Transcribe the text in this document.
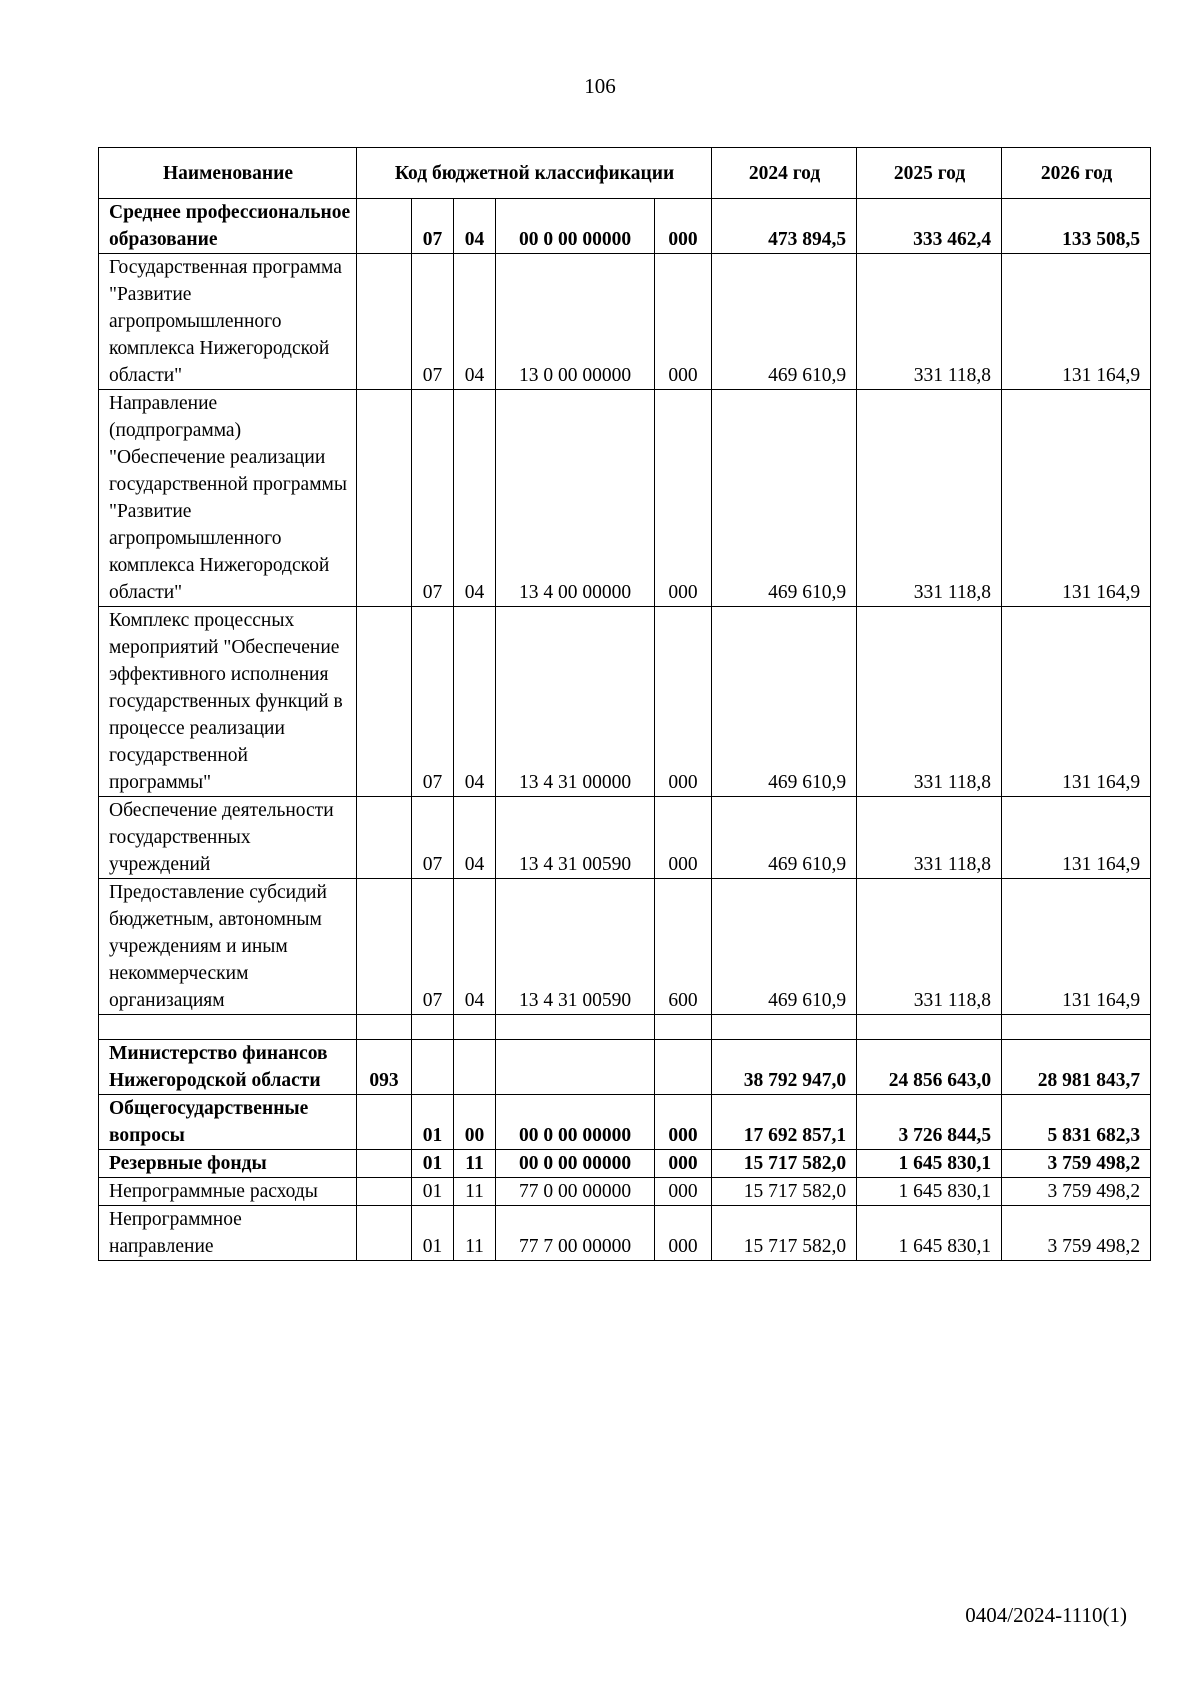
106
Наименование	Код бюджетной классификации					2024 год	2025 год	2026 год
Среднее профессиональное образование		07	04	00 0 00 00000	000	473 894,5	333 462,4	133 508,5
Государственная программа "Развитие агропромышленного комплекса Нижегородской области"		07	04	13 0 00 00000	000	469 610,9	331 118,8	131 164,9
Направление (подпрограмма) "Обеспечение реализации государственной программы "Развитие агропромышленного комплекса Нижегородской области"		07	04	13 4 00 00000	000	469 610,9	331 118,8	131 164,9
Комплекс процессных мероприятий "Обеспечение эффективного исполнения государственных функций в процессе реализации государственной программы"		07	04	13 4 31 00000	000	469 610,9	331 118,8	131 164,9
Обеспечение деятельности государственных учреждений		07	04	13 4 31 00590	000	469 610,9	331 118,8	131 164,9
Предоставление субсидий бюджетным, автономным учреждениям и иным некоммерческим организациям		07	04	13 4 31 00590	600	469 610,9	331 118,8	131 164,9

Министерство финансов Нижегородской области	093					38 792 947,0	24 856 643,0	28 981 843,7
Общегосударственные вопросы		01	00	00 0 00 00000	000	17 692 857,1	3 726 844,5	5 831 682,3
Резервные фонды		01	11	00 0 00 00000	000	15 717 582,0	1 645 830,1	3 759 498,2
Непрограммные расходы		01	11	77 0 00 00000	000	15 717 582,0	1 645 830,1	3 759 498,2
Непрограммное направление		01	11	77 7 00 00000	000	15 717 582,0	1 645 830,1	3 759 498,2
0404/2024-1110(1)
